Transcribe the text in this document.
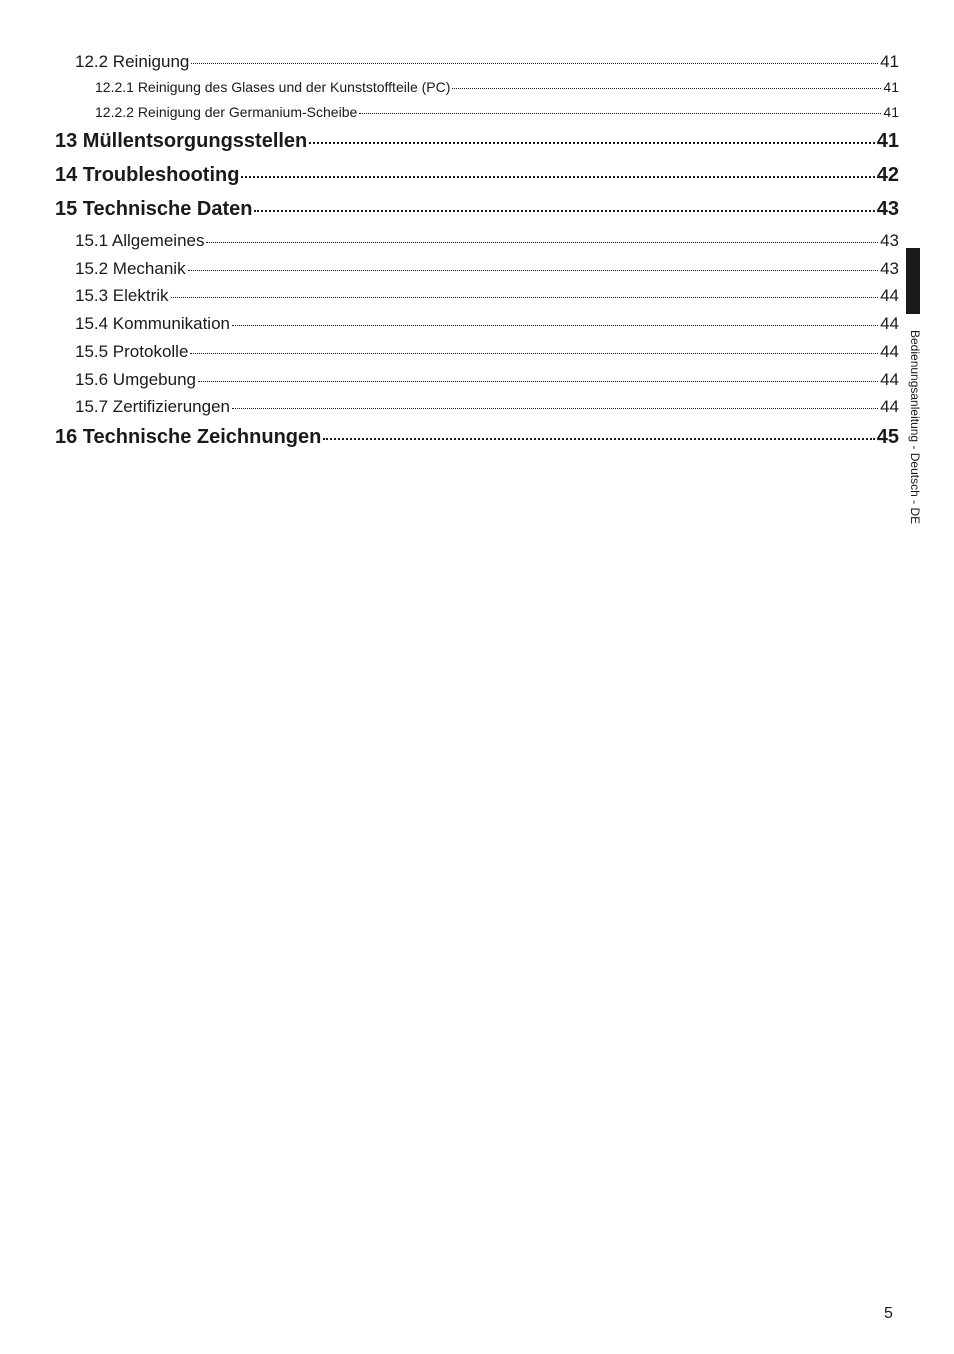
12.2 Reinigung	41
12.2.1 Reinigung des Glases und der Kunststoffteile (PC)	41
12.2.2 Reinigung der Germanium-Scheibe	41
13 Müllentsorgungsstellen	41
14 Troubleshooting	42
15 Technische Daten	43
15.1 Allgemeines	43
15.2 Mechanik	43
15.3 Elektrik	44
15.4 Kommunikation	44
15.5 Protokolle	44
15.6 Umgebung	44
15.7 Zertifizierungen	44
16 Technische Zeichnungen	45 Bedienungsanleitung - Deutsch - DE
5
